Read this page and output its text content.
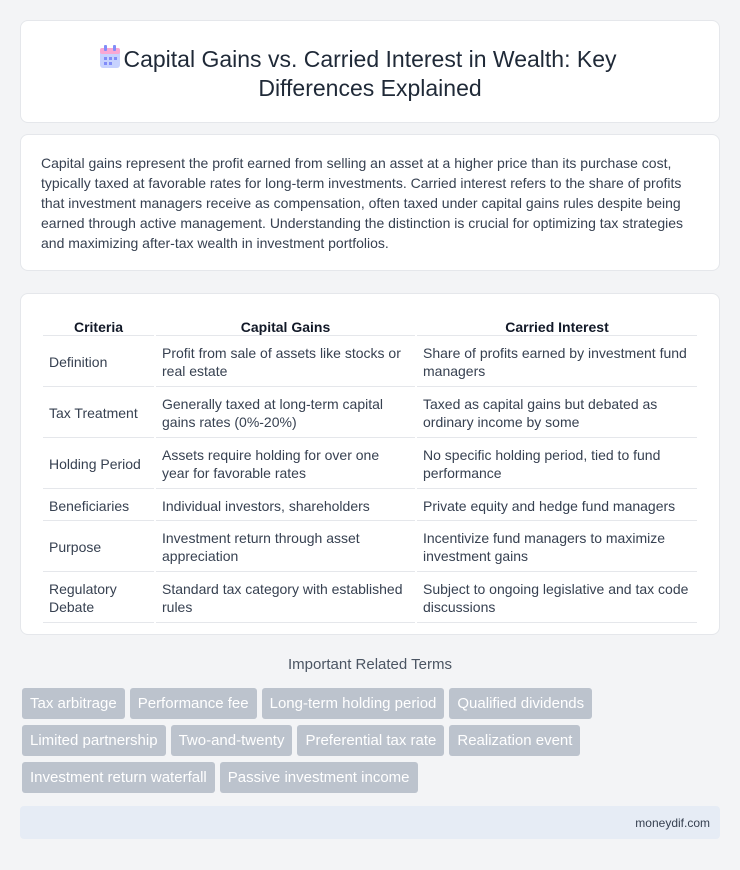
Capital Gains vs. Carried Interest in Wealth: Key Differences Explained

Capital gains represent the profit earned from selling an asset at a higher price than its purchase cost, typically taxed at favorable rates for long-term investments. Carried interest refers to the share of profits that investment managers receive as compensation, often taxed under capital gains rules despite being earned through active management. Understanding the distinction is crucial for optimizing tax strategies and maximizing after-tax wealth in investment portfolios.

Criteria	Capital Gains	Carried Interest
Definition	Profit from sale of assets like stocks or real estate	Share of profits earned by investment fund managers
Tax Treatment	Generally taxed at long-term capital gains rates (0%-20%)	Taxed as capital gains but debated as ordinary income by some
Holding Period	Assets require holding for over one year for favorable rates	No specific holding period, tied to fund performance
Beneficiaries	Individual investors, shareholders	Private equity and hedge fund managers
Purpose	Investment return through asset appreciation	Incentivize fund managers to maximize investment gains
Regulatory Debate	Standard tax category with established rules	Subject to ongoing legislative and tax code discussions
Important Related Terms
Tax arbitrage	Performance fee	Long-term holding period	Qualified dividends
Limited partnership	Two-and-twenty	Preferential tax rate	Realization event
Investment return waterfall	Passive investment income
moneydif.com
